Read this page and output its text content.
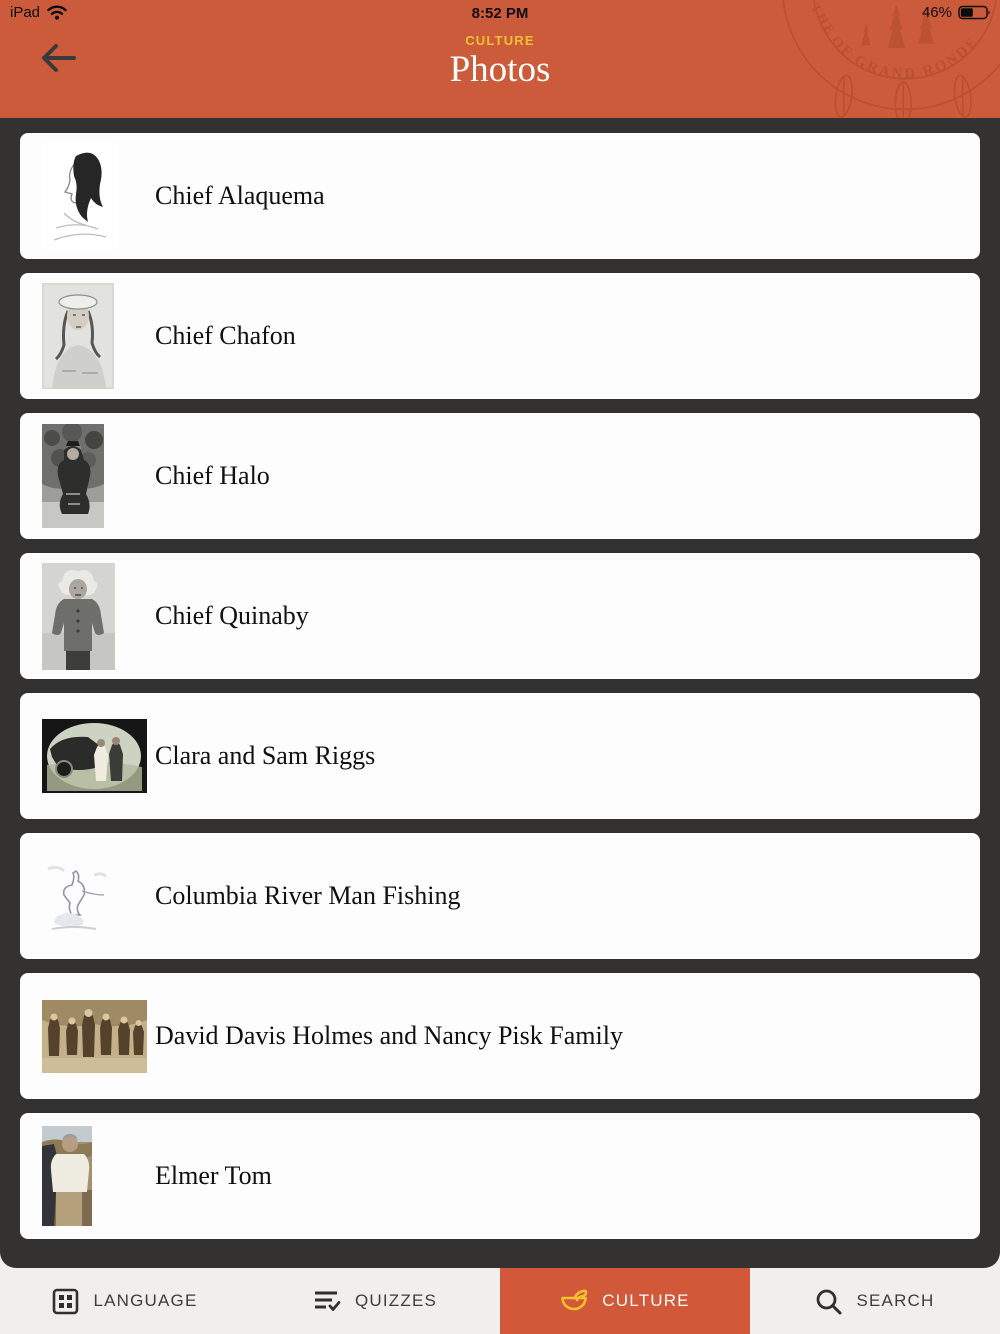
OF GRAND RONDE
THE
iPad	8:52 PM	46%
CULTURE
Photos
Chief Alaquema
Chief Chafon
Chief Halo
Chief Quinaby
Clara and Sam Riggs
Columbia River Man Fishing
David Davis Holmes and Nancy Pisk Family
Elmer Tom
LANGUAGE	QUIZZES	CULTURE	SEARCH
